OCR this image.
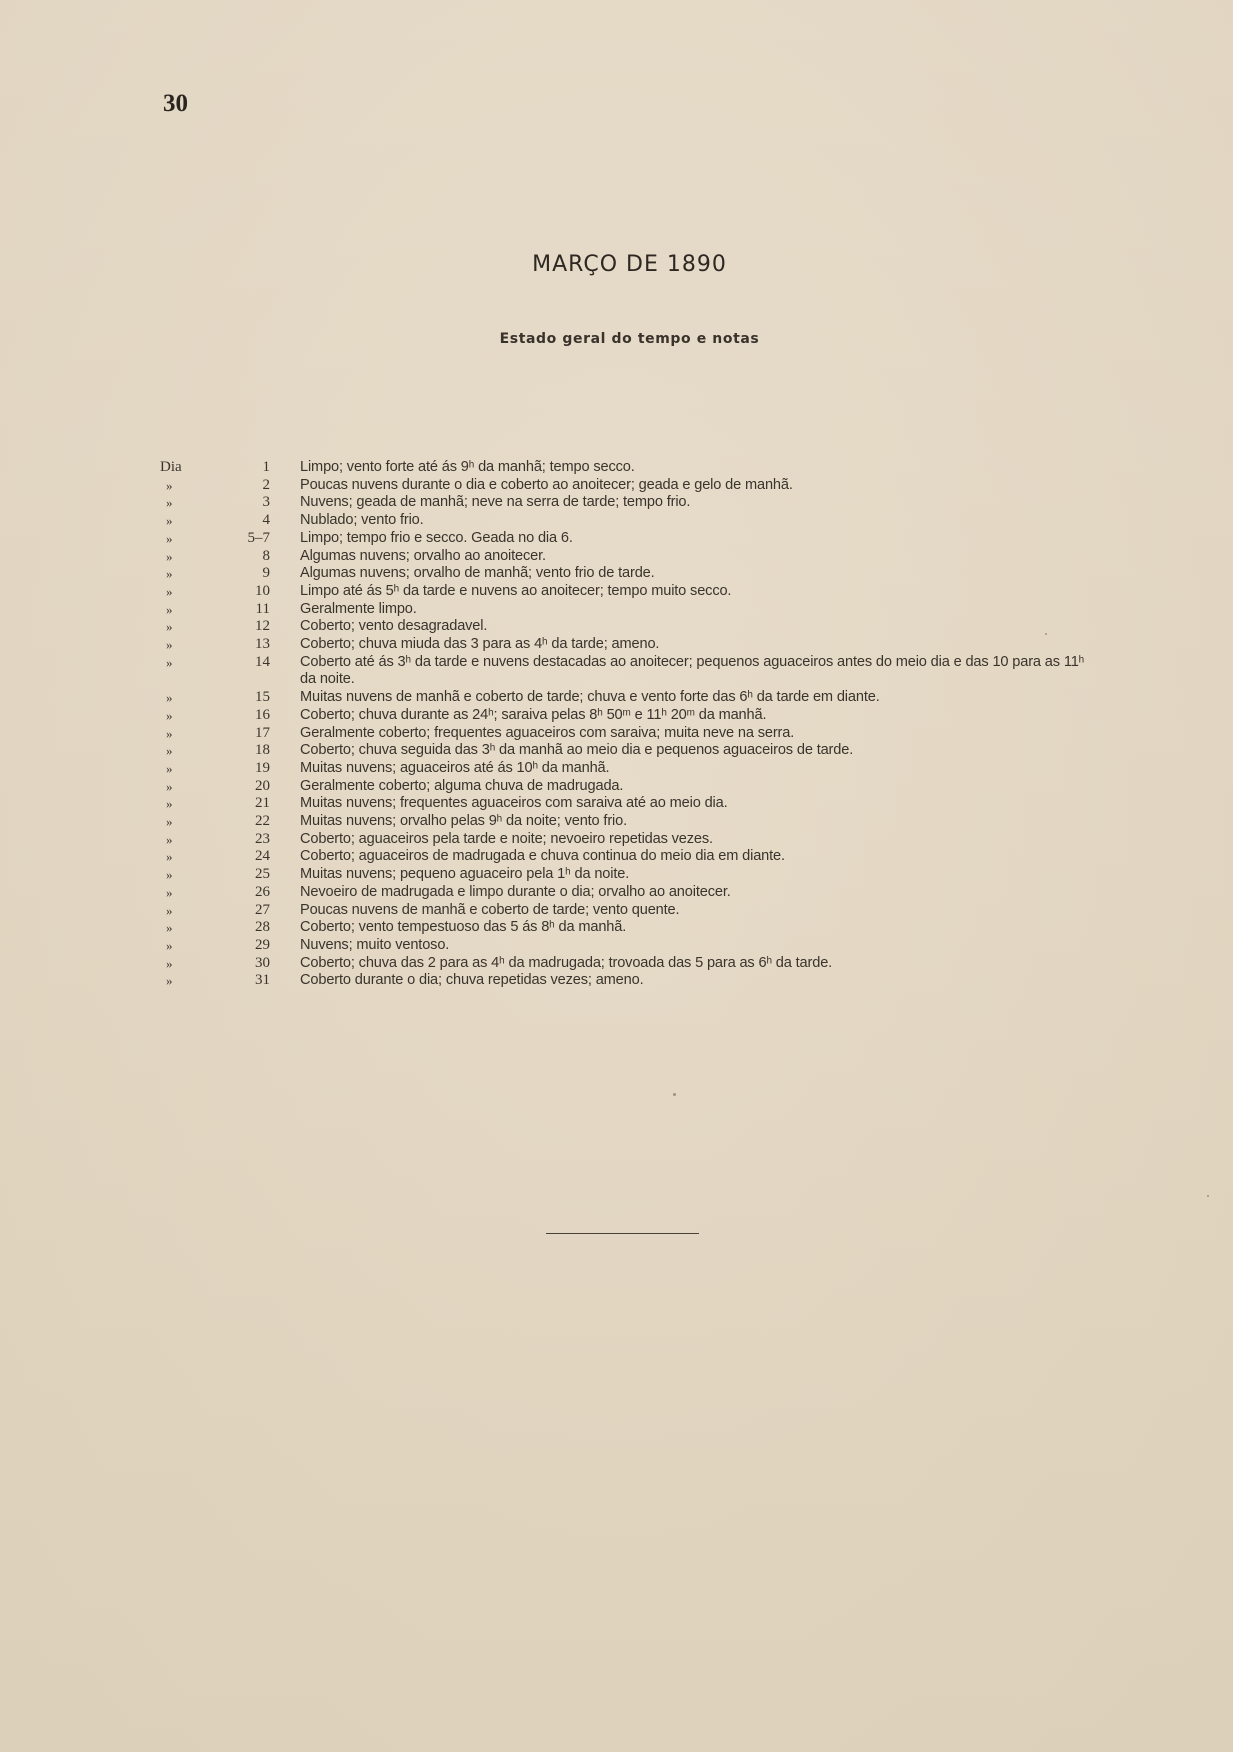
30
MARÇO DE 1890
Estado geral do tempo e notas
Dia	1 Limpo; vento forte até ás 9ʰ da manhã; tempo secco.
»	2 Poucas nuvens durante o dia e coberto ao anoitecer; geada e gelo de manhã.
»	3 Nuvens; geada de manhã; neve na serra de tarde; tempo frio.
»	4 Nublado; vento frio.
»	5–7 Limpo; tempo frio e secco. Geada no dia 6.
»	8 Algumas nuvens; orvalho ao anoitecer.
»	9 Algumas nuvens; orvalho de manhã; vento frio de tarde.
»	10 Limpo até ás 5ʰ da tarde e nuvens ao anoitecer; tempo muito secco.
»	11 Geralmente limpo.
»	12 Coberto; vento desagradavel.
»	13 Coberto; chuva miuda das 3 para as 4ʰ da tarde; ameno.
»	14 Coberto até ás 3ʰ da tarde e nuvens destacadas ao anoitecer; pequenos aguaceiros antes do meio dia e das 10 para as 11ʰ da noite.
»	15 Muitas nuvens de manhã e coberto de tarde; chuva e vento forte das 6ʰ da tarde em diante.
»	16 Coberto; chuva durante as 24ʰ; saraiva pelas 8ʰ 50ᵐ e 11ʰ 20ᵐ da manhã.
»	17 Geralmente coberto; frequentes aguaceiros com saraiva; muita neve na serra.
»	18 Coberto; chuva seguida das 3ʰ da manhã ao meio dia e pequenos aguaceiros de tarde.
»	19 Muitas nuvens; aguaceiros até ás 10ʰ da manhã.
»	20 Geralmente coberto; alguma chuva de madrugada.
»	21 Muitas nuvens; frequentes aguaceiros com saraiva até ao meio dia.
»	22 Muitas nuvens; orvalho pelas 9ʰ da noite; vento frio.
»	23 Coberto; aguaceiros pela tarde e noite; nevoeiro repetidas vezes.
»	24 Coberto; aguaceiros de madrugada e chuva continua do meio dia em diante.
»	25 Muitas nuvens; pequeno aguaceiro pela 1ʰ da noite.
»	26 Nevoeiro de madrugada e limpo durante o dia; orvalho ao anoitecer.
»	27 Poucas nuvens de manhã e coberto de tarde; vento quente.
»	28 Coberto; vento tempestuoso das 5 ás 8ʰ da manhã.
»	29 Nuvens; muito ventoso.
»	30 Coberto; chuva das 2 para as 4ʰ da madrugada; trovoada das 5 para as 6ʰ da tarde.
»	31 Coberto durante o dia; chuva repetidas vezes; ameno.
